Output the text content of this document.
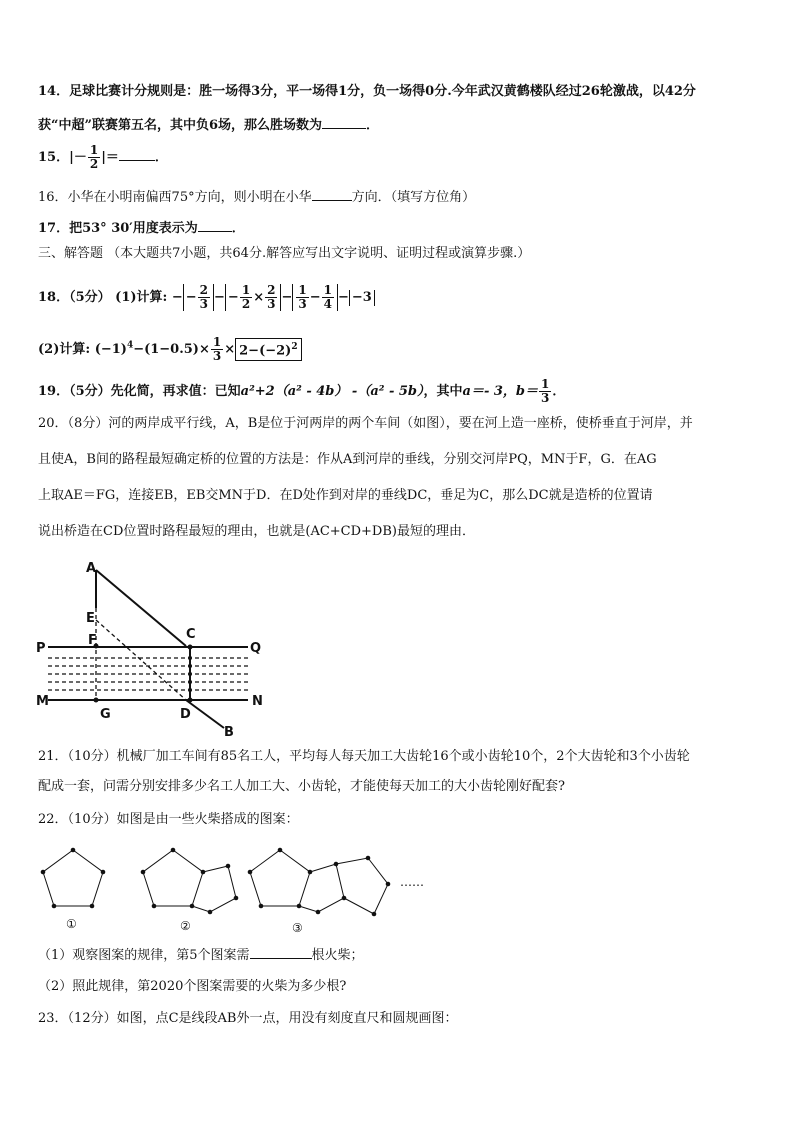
14．足球比赛计分规则是：胜一场得3分，平一场得1分，负一场得0分.今年武汉黄鹤楼队经过26轮激战，以42分
获“中超”联赛第五名，其中负6场，那么胜场数为	．
15．|－ $\frac{1}{2}$ |＝	．
16．小华在小明南偏西75°方向，则小明在小华	方向．（填写方位角）
17．把53° 30′用度表示为	．
三、解答题 （本大题共7小题，共64分.解答应写出文字说明、证明过程或演算步骤.）
18．（5分） (1)计算: − − $\frac{2}{3}$ − − $\frac{1}{2} \times \frac{2}{3} - \frac{1}{3} - \frac{1}{4} - -3$
(2)计算: $(-1)^4-(1-0.5)\times \frac{1}{3} \times 2-(-2)^2$
19．（5分）先化简，再求值：已知a²+2（a² - 4b） -（a² - 5b），其中a＝- 3，$b= \frac{1}{3}$ ．
20．（8分）河的两岸成平行线，A，B是位于河两岸的两个车间（如图），要在河上造一座桥，使桥垂直于河岸，并
且使A，B间的路程最短确定桥的位置的方法是：作从A到河岸的垂线，分别交河岸PQ，MN于F，G．在AG
上取AE＝FG，连接EB，EB交MN于D．在D处作到对岸的垂线DC，垂足为C，那么DC就是造桥的位置请
说出桥造在CD位置时路程最短的理由，也就是(AC+CD+DB)最短的理由．
A
E
F	C
P	Q
M	N
G	D
B
21．（10分）机械厂加工车间有85名工人，平均每人每天加工大齿轮16个或小齿轮10个，2个大齿轮和3个小齿轮
配成一套，问需分别安排多少名工人加工大、小齿轮，才能使每天加工的大小齿轮刚好配套?
22．（10分）如图是由一些火柴搭成的图案：
①	②	③
……
（1）观察图案的规律，第5个图案需	根火柴；
（2）照此规律，第2020个图案需要的火柴为多少根?
23．（12分）如图，点C是线段AB外一点，用没有刻度直尺和圆规画图：
